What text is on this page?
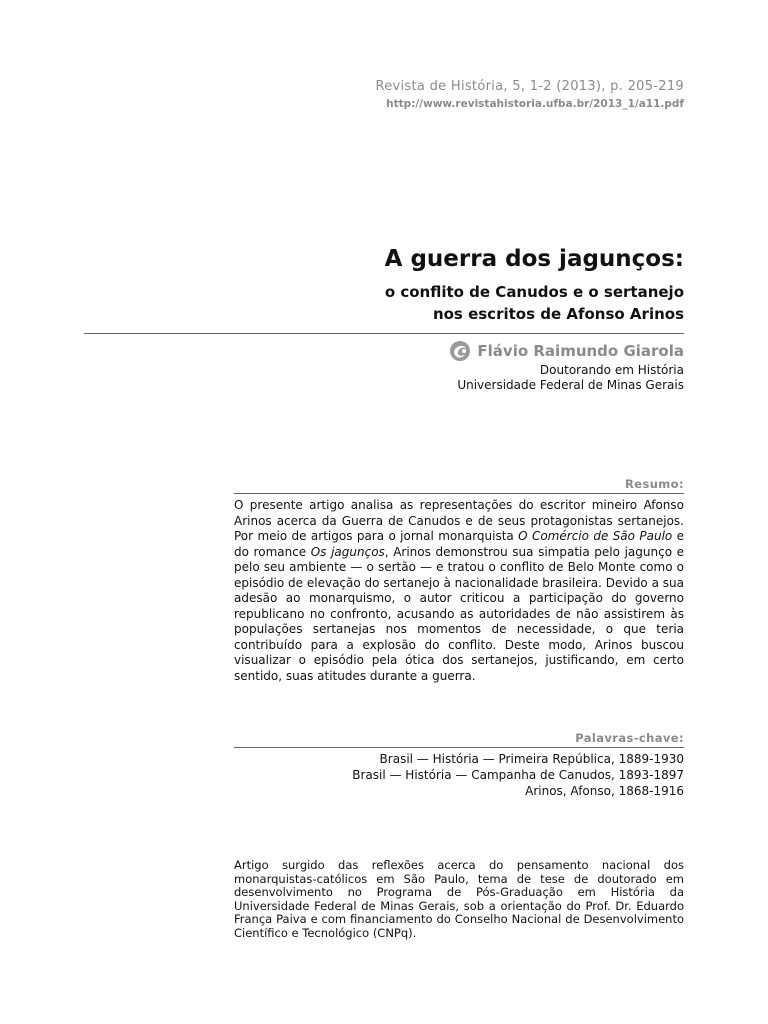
Revista de História, 5, 1-2 (2013), p. 205-219
http://www.revistahistoria.ufba.br/2013_1/a11.pdf
A guerra dos jagunços:
o conflito de Canudos e o sertanejo
nos escritos de Afonso Arinos
Flávio Raimundo Giarola
Doutorando em História
Universidade Federal de Minas Gerais
Resumo:
O presente artigo analisa as representações do escritor mineiro Afonso Arinos acerca da Guerra de Canudos e de seus protagonistas sertanejos. Por meio de artigos para o jornal monarquista O Comércio de São Paulo e do romance Os jagunços, Arinos demonstrou sua simpatia pelo jagunço e pelo seu ambiente — o sertão — e tratou o conflito de Belo Monte como o episódio de elevação do sertanejo à nacionalidade brasileira. Devido a sua adesão ao monarquismo, o autor criticou a participação do governo republicano no confronto, acusando as autoridades de não assistirem às populações sertanejas nos momentos de necessidade, o que teria contribuído para a explosão do conflito. Deste modo, Arinos buscou visualizar o episódio pela ótica dos sertanejos, justificando, em certo sentido, suas atitudes durante a guerra.
Palavras-chave:
Brasil — História — Primeira República, 1889-1930
Brasil — História — Campanha de Canudos, 1893-1897
Arinos, Afonso, 1868-1916
Artigo surgido das reflexões acerca do pensamento nacional dos monarquistas-católicos em São Paulo, tema de tese de doutorado em desenvolvimento no Programa de Pós-Graduação em História da Universidade Federal de Minas Gerais, sob a orientação do Prof. Dr. Eduardo França Paiva e com financiamento do Conselho Nacional de Desenvolvimento Científico e Tecnológico (CNPq).
